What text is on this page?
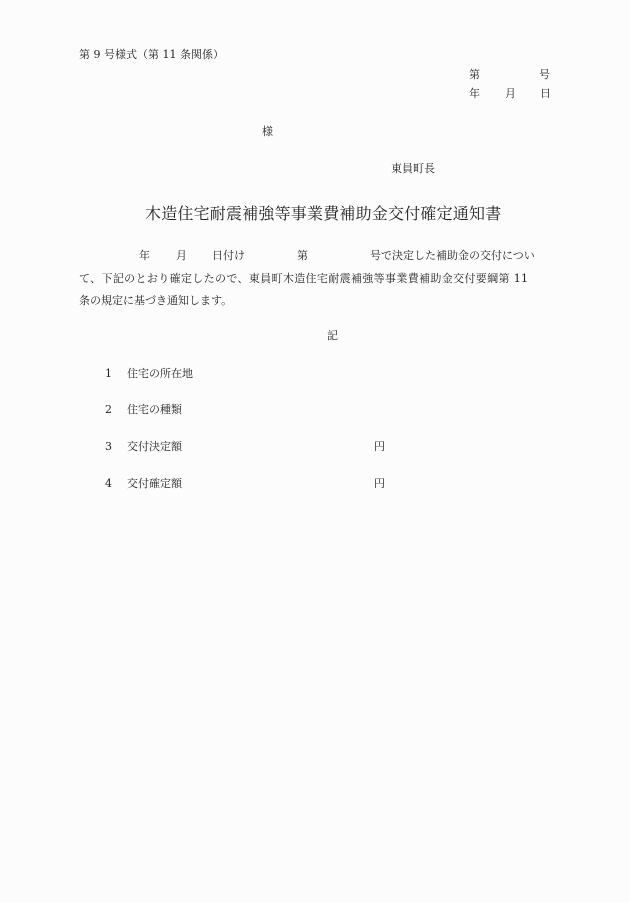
第 9 号様式（第 11 条関係）
第	号
年 月 日
様
東員町長
木造住宅耐震補強等事業費補助金交付確定通知書
年 月 日付け	第	号で決定した補助金の交付につい
て、下記のとおり確定したので、東員町木造住宅耐震補強等事業費補助金交付要綱第 11
条の規定に基づき通知します。
記
1 住宅の所在地
2 住宅の種類
3 交付決定額	円
4 交付確定額	円
